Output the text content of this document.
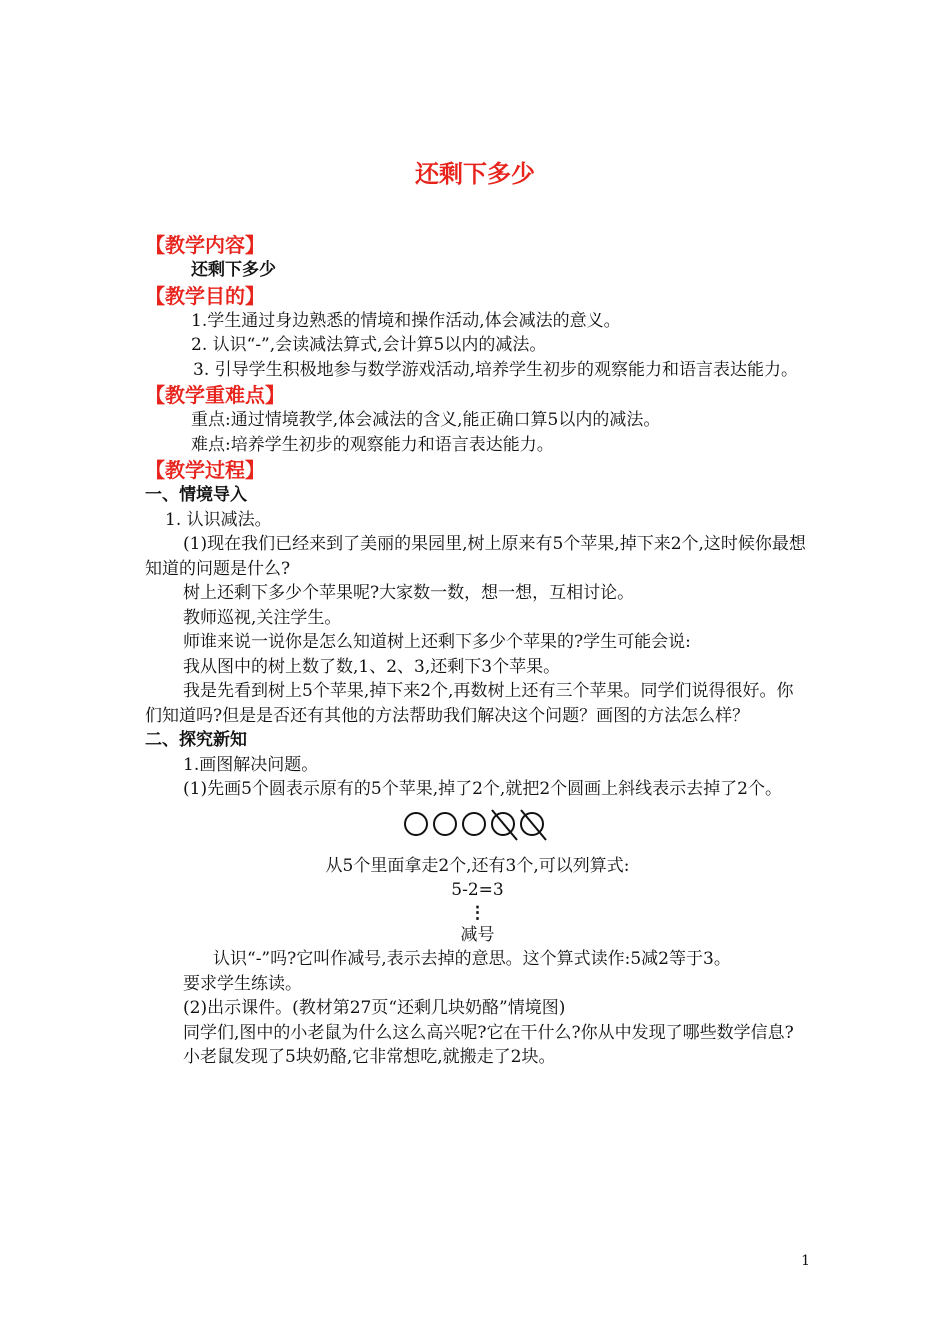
还剩下多少

【教学内容】

还剩下多少

【教学目的】

1.学生通过身边熟悉的情境和操作活动,体会减法的意义。

2. 认识“-”,会读减法算式,会计算5以内的减法。

3. 引导学生积极地参与数学游戏活动,培养学生初步的观察能力和语言表达能力。

【教学重难点】

重点:通过情境教学,体会减法的含义,能正确口算5以内的减法。

难点:培养学生初步的观察能力和语言表达能力。

【教学过程】

一、情境导入

1. 认识减法。

(1)现在我们已经来到了美丽的果园里,树上原来有5个苹果,掉下来2个,这时候你最想知道的问题是什么?

树上还剩下多少个苹果呢?大家数一数，想一想，互相讨论。

教师巡视,关注学生。

师谁来说一说你是怎么知道树上还剩下多少个苹果的?学生可能会说:

我从图中的树上数了数,1、2、3,还剩下3个苹果。

我是先看到树上5个苹果,掉下来2个,再数树上还有三个苹果。同学们说得很好。你们知道吗?但是是否还有其他的方法帮助我们解决这个问题？画图的方法怎么样？

二、探究新知

1.画图解决问题。

(1)先画5个圆表示原有的5个苹果,掉了2个,就把2个圆画上斜线表示去掉了2个。

从5个里面拿走2个,还有3个,可以列算式:

5-2=3

⋮

减号

认识“-”吗?它叫作减号,表示去掉的意思。这个算式读作:5减2等于3。

要求学生练读。

(2)出示课件。(教材第27页“还剩几块奶酪”情境图)

同学们,图中的小老鼠为什么这么高兴呢?它在干什么?你从中发现了哪些数学信息?

小老鼠发现了5块奶酪,它非常想吃,就搬走了2块。

1
